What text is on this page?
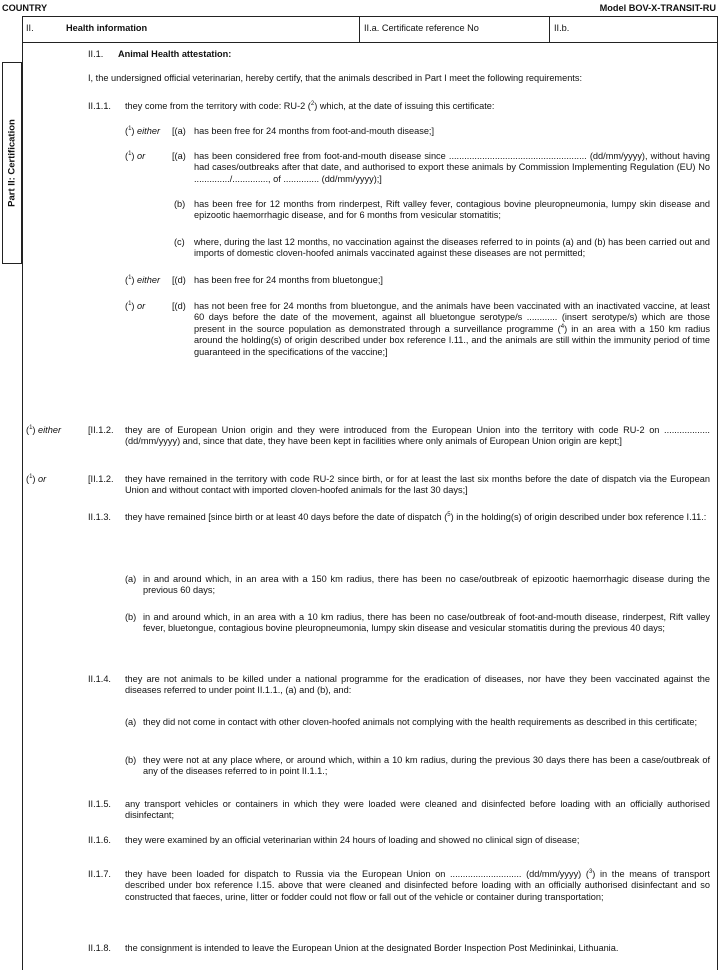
COUNTRY	Model BOV-X-TRANSIT-RU
II.	Health information	II.a. Certificate reference No	II.b.
Part II: Certification
II.1. Animal Health attestation:
I, the undersigned official veterinarian, hereby certify, that the animals described in Part I meet the following requirements:
II.1.1. they come from the territory with code: RU-2 ($^2$) which, at the date of issuing this certificate:
($^1$) either [(a) has been free for 24 months from foot-and-mouth disease;]
($^1$) or	[(a) has been considered free from foot-and-mouth disease since ...................................................... (dd/mm/yyyy), without having had cases/outbreaks after that date, and authorised to export these animals by Commission Implementing Regulation (EU) No ............../.............., of .............. (dd/mm/yyyy);]
(b) has been free for 12 months from rinderpest, Rift valley fever, contagious bovine pleuropneumonia, lumpy skin disease and epizootic haemorrhagic disease, and for 6 months from vesicular stomatitis;
(c) where, during the last 12 months, no vaccination against the diseases referred to in points (a) and (b) has been carried out and imports of domestic cloven-hoofed animals vaccinated against these diseases are not permitted;
($^1$) either [(d) has been free for 24 months from bluetongue;]
($^1$) or	[(d) has not been free for 24 months from bluetongue, and the animals have been vaccinated with an inactivated vaccine, at least 60 days before the date of the movement, against all bluetongue serotype/s ............ (insert serotype/s) which are those present in the source population as demonstrated through a surveillance programme ($^4$) in an area with a 150 km radius around the holding(s) of origin described under box reference I.11., and the animals are still within the immunity period of time guaranteed in the specifications of the vaccine;]
($^1$) either	[II.1.2. they are of European Union origin and they were introduced from the European Union into the territory with code RU-2 on .................. (dd/mm/yyyy) and, since that date, they have been kept in facilities where only animals of European Union origin are kept;]
($^1$) or	[II.1.2. they have remained in the territory with code RU-2 since birth, or for at least the last six months before the date of dispatch via the European Union and without contact with imported cloven-hoofed animals for the last 30 days;]
II.1.3. they have remained [since birth or at least 40 days before the date of dispatch ($^5$) in the holding(s) of origin described under box reference I.11.:
(a) in and around which, in an area with a 150 km radius, there has been no case/outbreak of epizootic haemorrhagic disease during the previous 60 days;
(b) in and around which, in an area with a 10 km radius, there has been no case/outbreak of foot-and-mouth disease, rinderpest, Rift valley fever, bluetongue, contagious bovine pleuropneumonia, lumpy skin disease and vesicular stomatitis during the previous 40 days;
II.1.4. they are not animals to be killed under a national programme for the eradication of diseases, nor have they been vaccinated against the diseases referred to under point II.1.1., (a) and (b), and:
(a) they did not come in contact with other cloven-hoofed animals not complying with the health requirements as described in this certificate;
(b) they were not at any place where, or around which, within a 10 km radius, during the previous 30 days there has been a case/outbreak of any of the diseases referred to in point II.1.1.;
II.1.5. any transport vehicles or containers in which they were loaded were cleaned and disinfected before loading with an officially authorised disinfectant;
II.1.6. they were examined by an official veterinarian within 24 hours of loading and showed no clinical sign of disease;
II.1.7. they have been loaded for dispatch to Russia via the European Union on ............................ (dd/mm/yyyy) ($^3$) in the means of transport described under box reference I.15. above that were cleaned and disinfected before loading with an officially authorised disinfectant and so constructed that faeces, urine, litter or fodder could not flow or fall out of the vehicle or container during transportation;
II.1.8. the consignment is intended to leave the European Union at the designated Border Inspection Post Medininkai, Lithuania.
